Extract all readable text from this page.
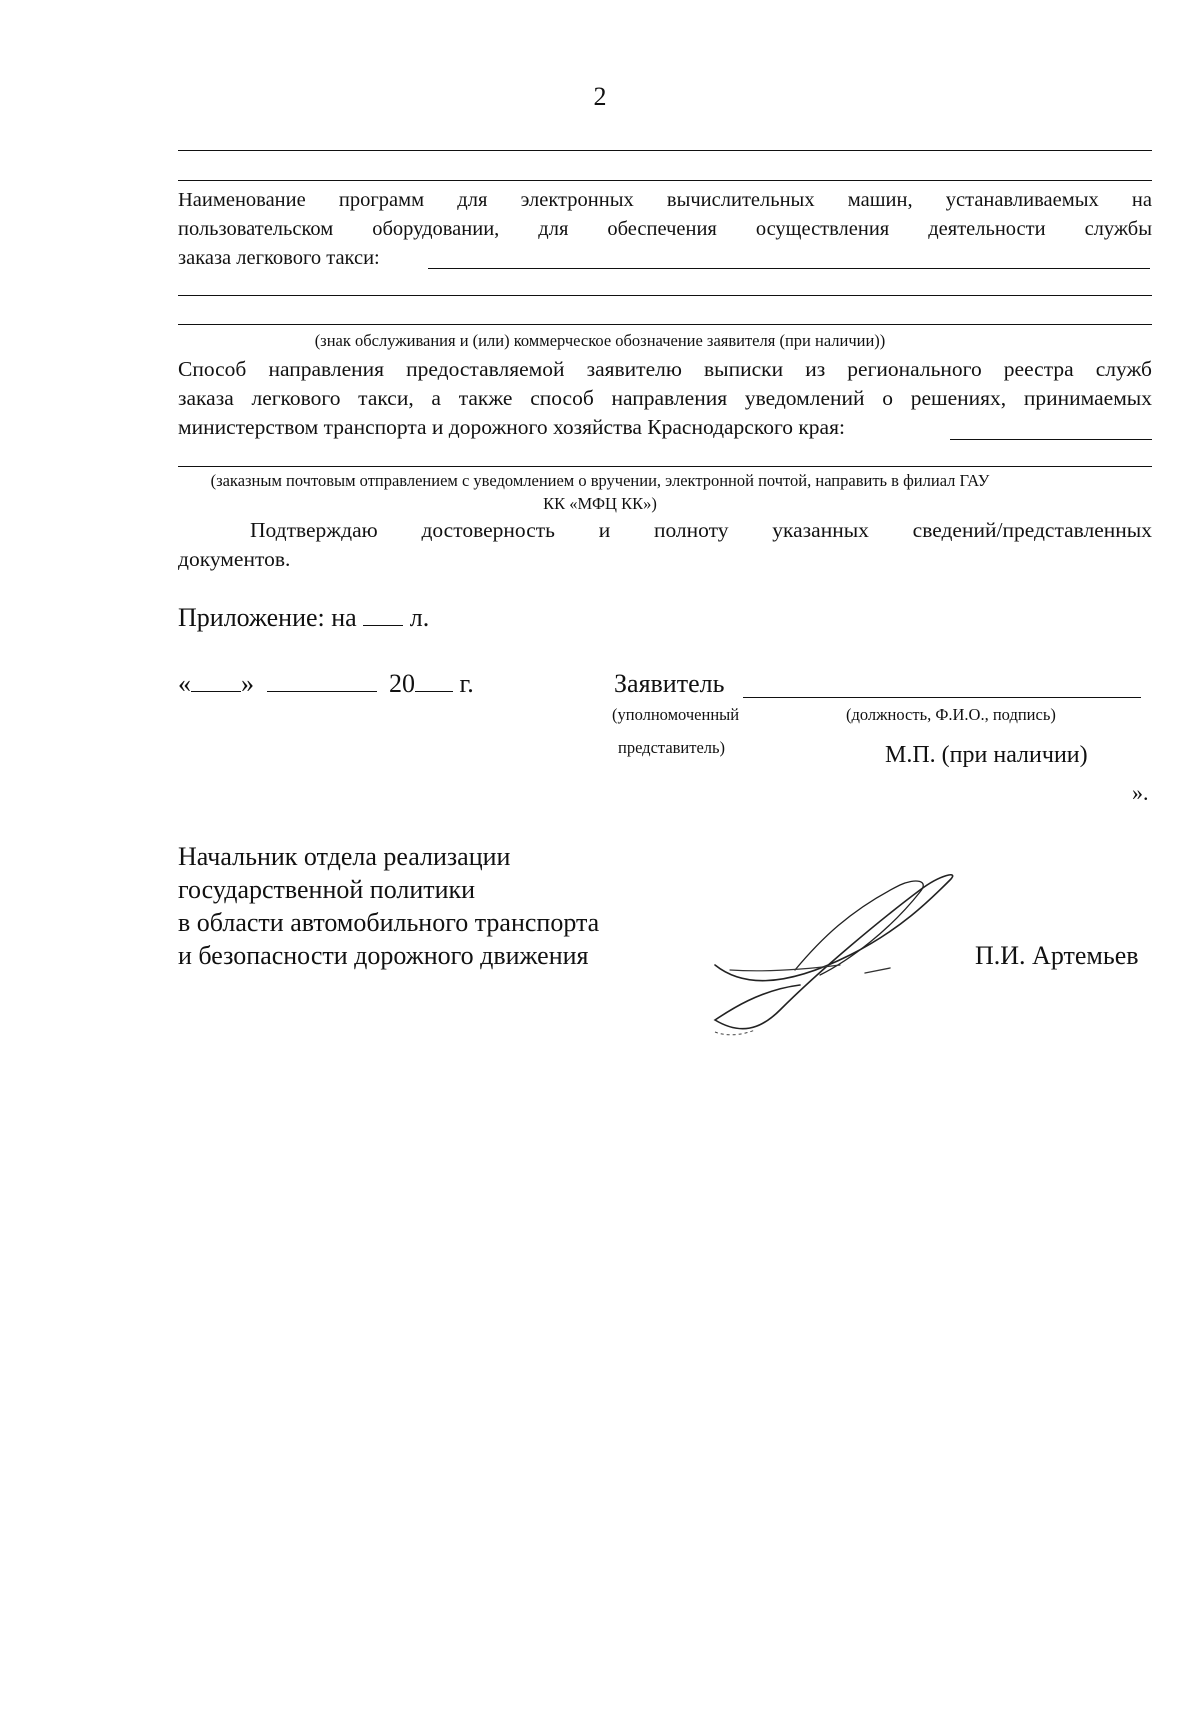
2
Наименование программ для электронных вычислительных машин, устанавливаемых на
пользовательском оборудовании, для обеспечения осуществления деятельности службы
заказа легкового такси:
(знак обслуживания и (или) коммерческое обозначение заявителя (при наличии))
Способ направления предоставляемой заявителю выписки из регионального реестра служб
заказа легкового такси, а также способ направления уведомлений о решениях, принимаемых
министерством транспорта и дорожного хозяйства Краснодарского края:
(заказным почтовым отправлением с уведомлением о вручении, электронной почтой, направить в филиал ГАУ
КК «МФЦ КК»)
Подтверждаю достоверность и полноту указанных сведений/представленных
документов.
Приложение: на л.
« »	20 г.	Заявитель
(уполномоченный	(должность, Ф.И.О., подпись)
представитель)	М.П. (при наличии)
».
Начальник отдела реализации
государственной политики
в области автомобильного транспорта
и безопасности дорожного движения	П.И. Артемьев
